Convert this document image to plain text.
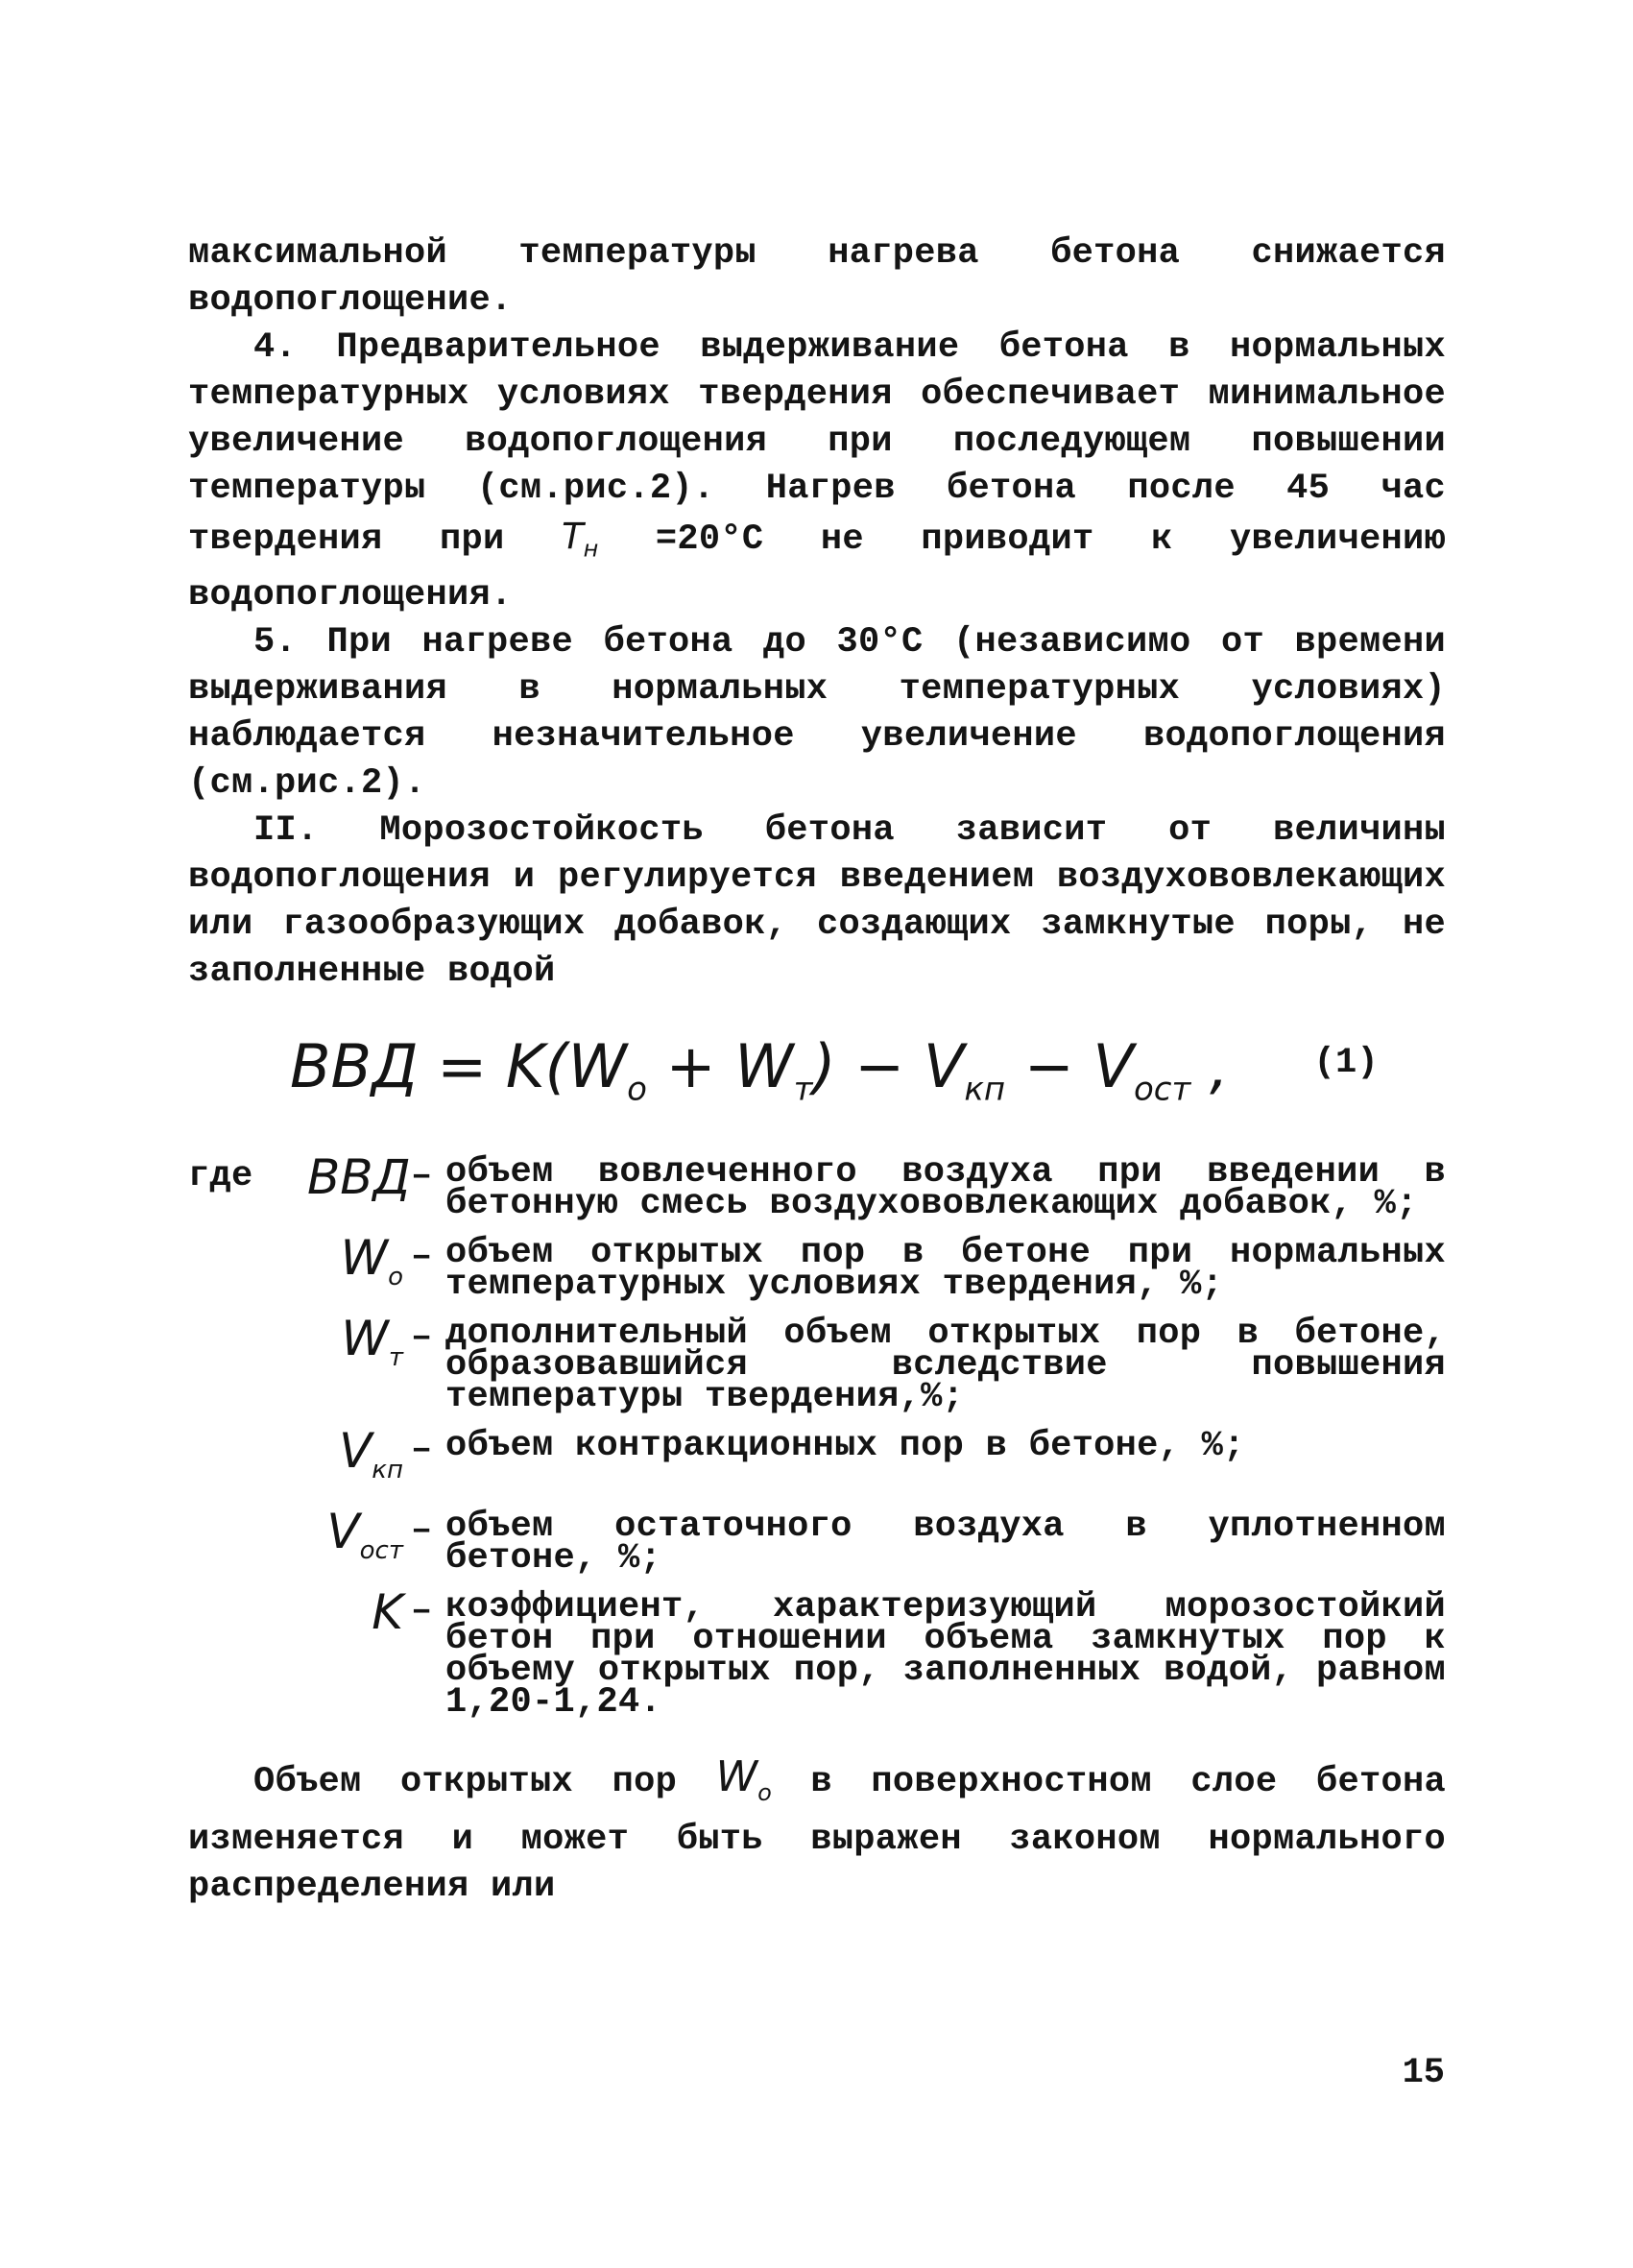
максимальной температуры нагрева бетона снижается водопоглощение.

4. Предварительное выдерживание бетона в нормальных температурных условиях твердения обеспечивает минимальное увеличение водопоглощения при последующем повышении температуры (см.рис.2). Нагрев бетона после 45 час твердения при $T_н =20^\circ С$ не приводит к увеличению водопоглощения.

5. При нагреве бетона до 30°С (независимо от времени выдерживания в нормальных температурных условиях) наблюдается незначительное увеличение водопоглощения (см.рис.2).

II. Морозостойкость бетона зависит от величины водопоглощения и регулируется введением воздухововлекающих или газообразующих добавок, создающих замкнутые поры, не заполненные водой

ВВД = $K(W_o + W_т) - V_{кп} - V_{ост}$ , (1)
где	ВВД – объем вовлеченного воздуха при введении в бетонную смесь воздухововлекающих добавок, %;
$W_o$ – объем открытых пор в бетоне при нормальных температурных условиях твердения, %;
$W_т$ – дополнительный объем открытых пор в бетоне, образовавшийся вследствие повышения температуры твердения,%;
$V_{кп}$ – объем контракционных пор в бетоне, %;
$V_{ост}$ – объем остаточного воздуха в уплотненном бетоне, %;
K – коэффициент, характеризующий морозостойкий бетон при отношении объема замкнутых пор к объему открытых пор, заполненных водой, равном 1,20-1,24.

Объем открытых пор $W_o$ в поверхностном слое бетона изменяется и может быть выражен законом нормального распределения или

15
